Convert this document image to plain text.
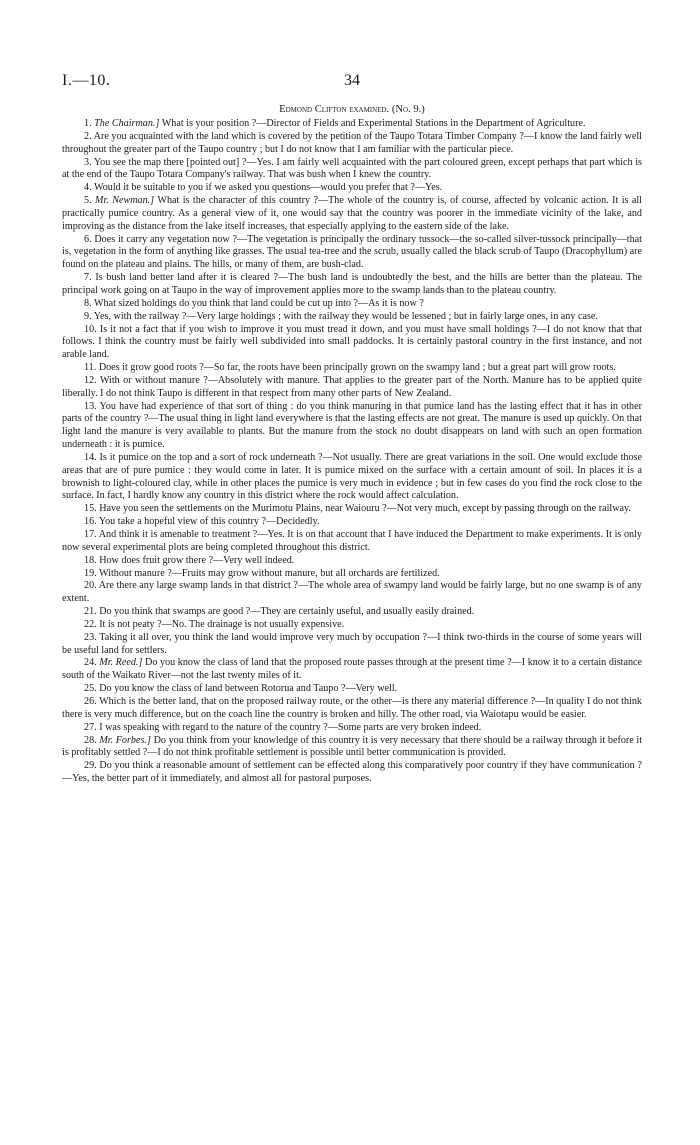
I.—10.	34
Edmond Clifton examined. (No. 9.)

1. The Chairman.] What is your position ?—Director of Fields and Experimental Stations in the Department of Agriculture.

2. Are you acquainted with the land which is covered by the petition of the Taupo Totara Timber Company ?—I know the land fairly well throughout the greater part of the Taupo country ; but I do not know that I am familiar with the particular piece.

3. You see the map there [pointed out] ?—Yes. I am fairly well acquainted with the part coloured green, except perhaps that part which is at the end of the Taupo Totara Company's railway. That was bush when I knew the country.

4. Would it be suitable to you if we asked you questions—would you prefer that ?—Yes.

5. Mr. Newman.] What is the character of this country ?—The whole of the country is, of course, affected by volcanic action. It is all practically pumice country. As a general view of it, one would say that the country was poorer in the immediate vicinity of the lake, and improving as the distance from the lake itself increases, that especially applying to the eastern side of the lake.

6. Does it carry any vegetation now ?—The vegetation is principally the ordinary tussock—the so-called silver-tussock principally—that is, vegetation in the form of anything like grasses. The usual tea-tree and the scrub, usually called the black scrub of Taupo (Dracophyllum) are found on the plateau and plains. The hills, or many of them, are bush-clad.

7. Is bush land better land after it is cleared ?—The bush land is undoubtedly the best, and the hills are better than the plateau. The principal work going on at Taupo in the way of improvement applies more to the swamp lands than to the plateau country.

8. What sized holdings do you think that land could be cut up into ?—As it is now ?

9. Yes, with the railway ?—Very large holdings ; with the railway they would be lessened ; but in fairly large ones, in any case.

10. Is it not a fact that if you wish to improve it you must tread it down, and you must have small holdings ?—I do not know that that follows. I think the country must be fairly well subdivided into small paddocks. It is certainly pastoral country in the first instance, and not arable land.

11. Does it grow good roots ?—So far, the roots have been principally grown on the swampy land ; but a great part will grow roots.

12. With or without manure ?—Absolutely with manure. That applies to the greater part of the North. Manure has to be applied quite liberally. I do not think Taupo is different in that respect from many other parts of New Zealand.

13. You have had experience of that sort of thing : do you think manuring in that pumice land has the lasting effect that it has in other parts of the country ?—The usual thing in light land everywhere is that the lasting effects are not great. The manure is used up quickly. On that light land the manure is very available to plants. But the manure from the stock no doubt disappears on land with such an open formation underneath : it is pumice.

14. Is it pumice on the top and a sort of rock underneath ?—Not usually. There are great variations in the soil. One would exclude those areas that are of pure pumice : they would come in later. It is pumice mixed on the surface with a certain amount of soil. In places it is a brownish to light-coloured clay, while in other places the pumice is very much in evidence ; but in few cases do you find the rock close to the surface. In fact, I hardly know any country in this district where the rock would affect calculation.

15. Have you seen the settlements on the Murimotu Plains, near Waiouru ?—Not very much, except by passing through on the railway.

16. You take a hopeful view of this country ?—Decidedly.

17. And think it is amenable to treatment ?—Yes. It is on that account that I have induced the Department to make experiments. It is only now several experimental plots are being completed throughout this district.

18. How does fruit grow there ?—Very well indeed.

19. Without manure ?—Fruits may grow without manure, but all orchards are fertilized.

20. Are there any large swamp lands in that district ?—The whole area of swampy land would be fairly large, but no one swamp is of any extent.

21. Do you think that swamps are good ?—They are certainly useful, and usually easily drained.

22. It is not peaty ?—No. The drainage is not usually expensive.

23. Taking it all over, you think the land would improve very much by occupation ?—I think two-thirds in the course of some years will be useful land for settlers.

24. Mr. Reed.] Do you know the class of land that the proposed route passes through at the present time ?—I know it to a certain distance south of the Waikato River—not the last twenty miles of it.

25. Do you know the class of land between Rotorua and Taupo ?—Very well.

26. Which is the better land, that on the proposed railway route, or the other—is there any material difference ?—In quality I do not think there is very much difference, but on the coach line the country is broken and hilly. The other road, via Waiotapu would be easier.

27. I was speaking with regard to the nature of the country ?—Some parts are very broken indeed.

28. Mr. Forbes.] Do you think from your knowledge of this country it is very necessary that there should be a railway through it before it is profitably settled ?—I do not think profitable settlement is possible until better communication is provided.

29. Do you think a reasonable amount of settlement can be effected along this comparatively poor country if they have communication ?—Yes, the better part of it immediately, and almost all for pastoral purposes.
